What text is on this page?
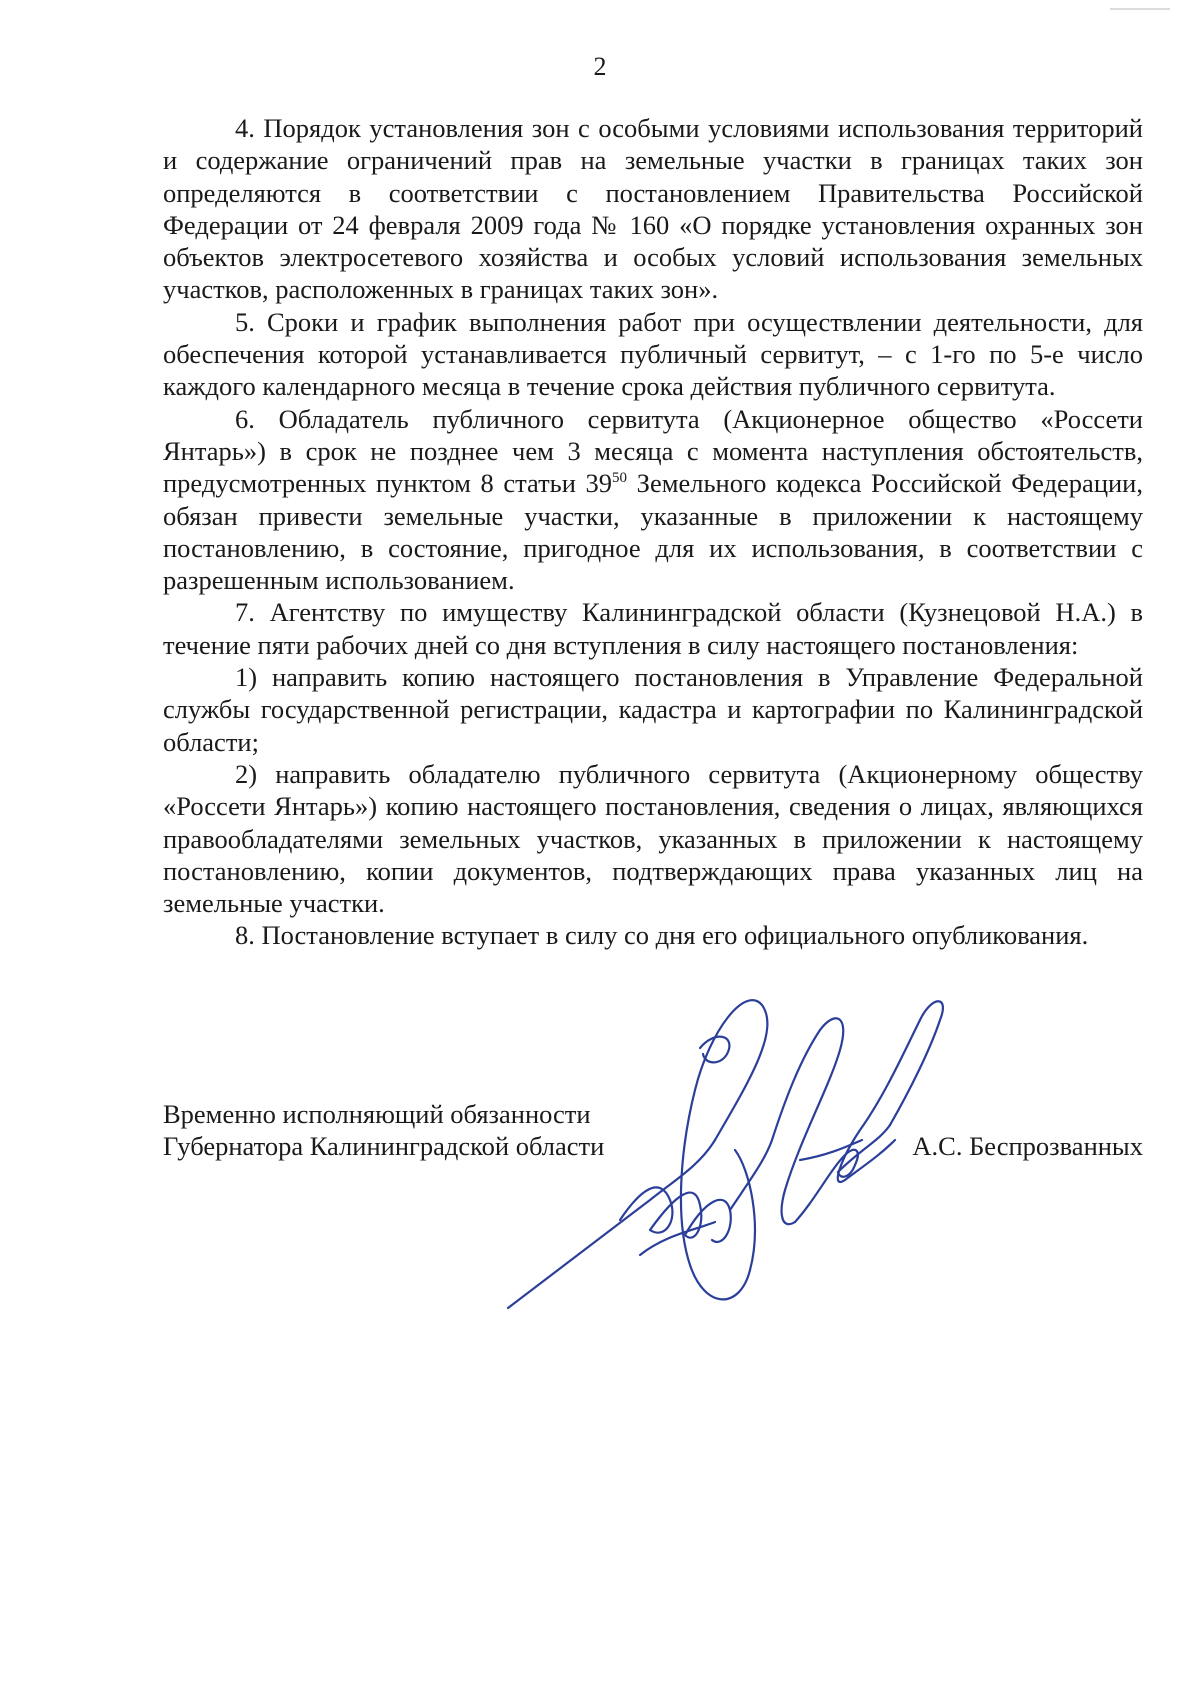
2

4. Порядок установления зон с особыми условиями использования территорий и содержание ограничений прав на земельные участки в границах таких зон определяются в соответствии с постановлением Правительства Российской Федерации от 24 февраля 2009 года № 160 «О порядке установления охранных зон объектов электросетевого хозяйства и особых условий использования земельных участков, расположенных в границах таких зон».

5. Сроки и график выполнения работ при осуществлении деятельности, для обеспечения которой устанавливается публичный сервитут, – с 1-го по 5-е число каждого календарного месяца в течение срока действия публичного сервитута.

6. Обладатель публичного сервитута (Акционерное общество «Россети Янтарь») в срок не позднее чем 3 месяца с момента наступления обстоятельств, предусмотренных пунктом 8 статьи $39^{50}$ Земельного кодекса Российской Федерации, обязан привести земельные участки, указанные в приложении к настоящему постановлению, в состояние, пригодное для их использования, в соответствии с разрешенным использованием.

7. Агентству по имуществу Калининградской области (Кузнецовой Н.А.) в течение пяти рабочих дней со дня вступления в силу настоящего постановления:

1) направить копию настоящего постановления в Управление Федеральной службы государственной регистрации, кадастра и картографии по Калининградской области;

2) направить обладателю публичного сервитута (Акционерному обществу «Россети Янтарь») копию настоящего постановления, сведения о лицах, являющихся правообладателями земельных участков, указанных в приложении к настоящему постановлению, копии документов, подтверждающих права указанных лиц на земельные участки.

8. Постановление вступает в силу со дня его официального опубликования.

Временно исполняющий обязанности
Губернатора Калининградской области	А.С. Беспрозванных
